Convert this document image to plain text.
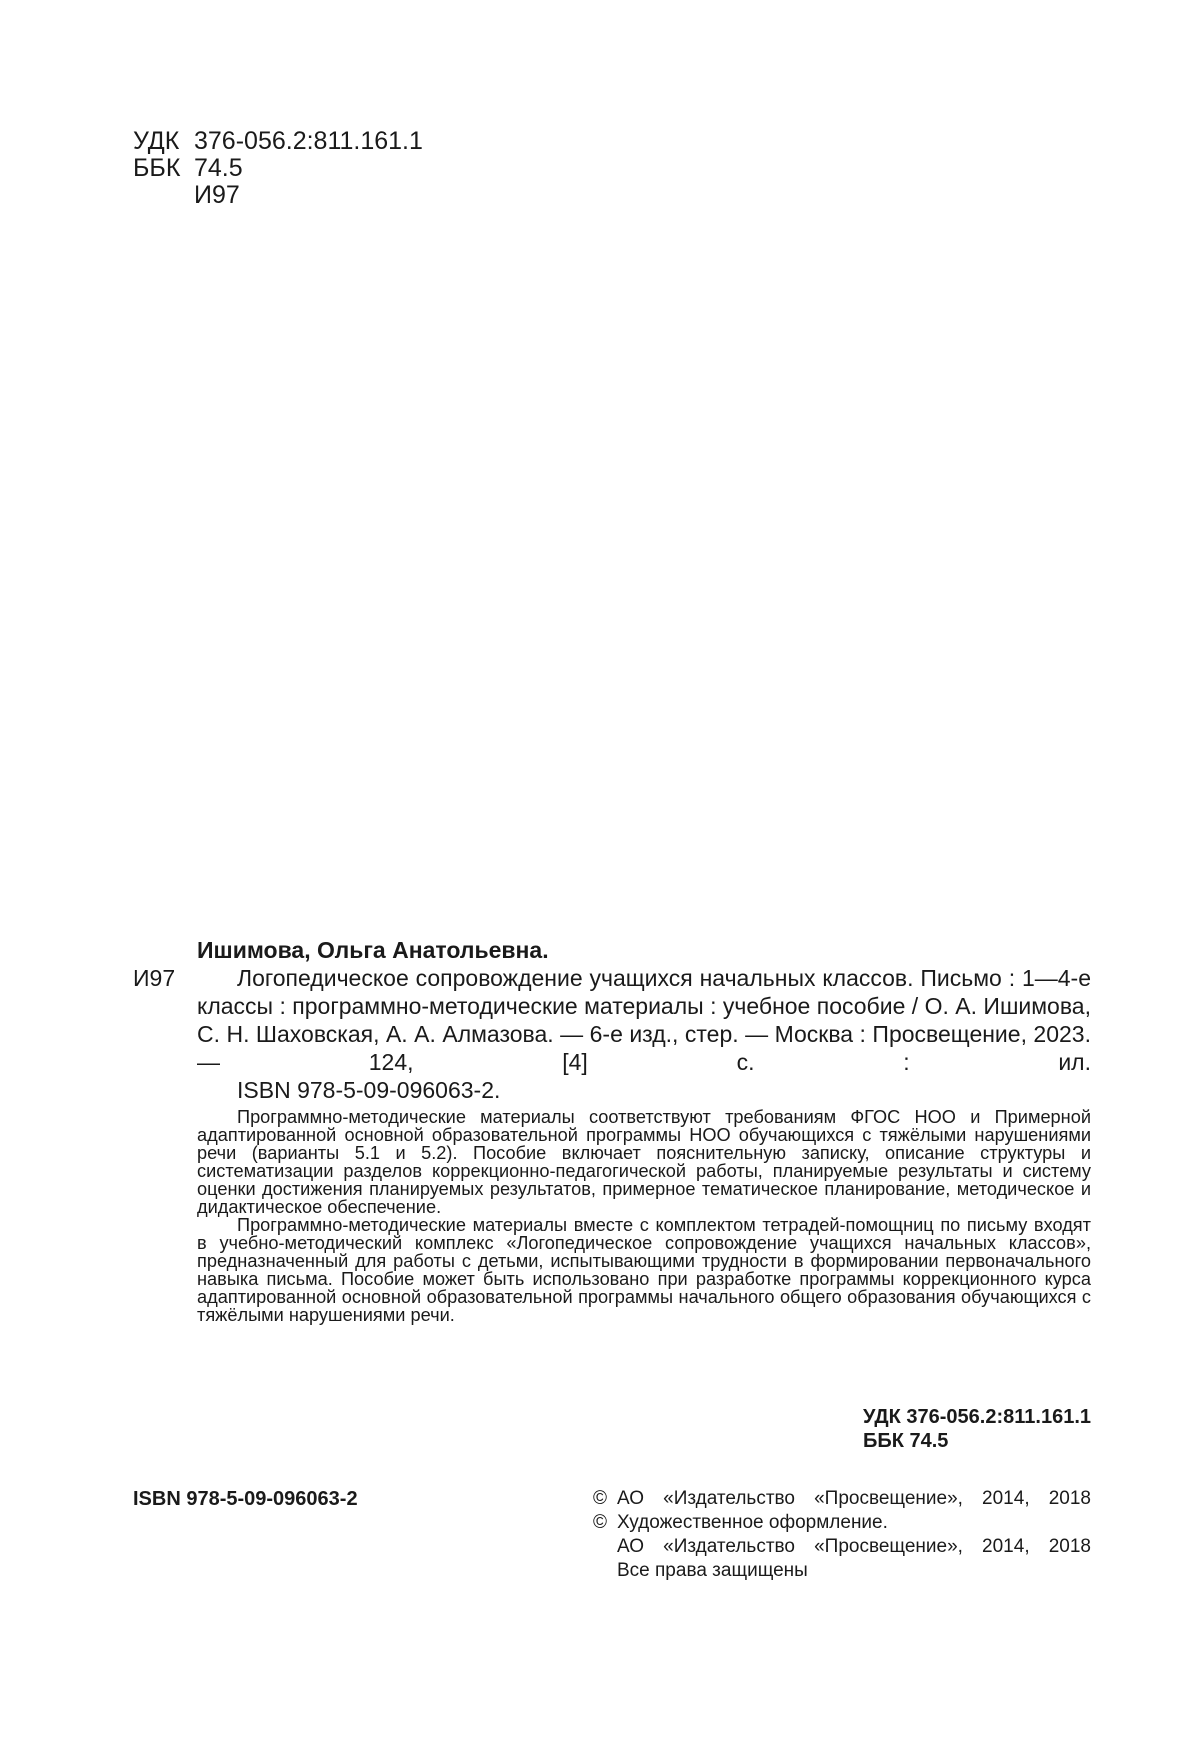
УДК 376-056.2:811.161.1
ББК 74.5
И97
Ишимова, Ольга Анатольевна.
И97	Логопедическое сопровождение учащихся начальных классов. Письмо : 1—4-е классы : программно-методические материалы : учебное пособие / О. А. Ишимова, С. Н. Шаховская, А. А. Алмазова. — 6-е изд., стер. — Москва : Просвещение, 2023. — 124, [4] с. : ил.
ISBN 978-5-09-096063-2.

Программно-методические материалы соответствуют требованиям ФГОС НОО и Примерной адаптированной основной образовательной программы НОО обучающихся с тяжёлыми нарушениями речи (варианты 5.1 и 5.2). Пособие включает пояснительную записку, описание структуры и систематизации разделов коррекционно-педагогической работы, планируемые результаты и систему оценки достижения планируемых результатов, примерное тематическое планирование, методическое и дидактическое обеспечение.

Программно-методические материалы вместе с комплектом тетрадей-помощниц по письму входят в учебно-методический комплекс «Логопедическое сопровождение учащихся начальных классов», предназначенный для работы с детьми, испытывающими трудности в формировании первоначального навыка письма. Пособие может быть использовано при разработке программы коррекционного курса адаптированной основной образовательной программы начального общего образования обучающихся с тяжёлыми нарушениями речи.

УДК 376-056.2:811.161.1
ББК 74.5
ISBN 978-5-09-096063-2	© АО «Издательство «Просвещение», 2014, 2018
© Художественное оформление.
АО «Издательство «Просвещение», 2014, 2018
Все права защищены
